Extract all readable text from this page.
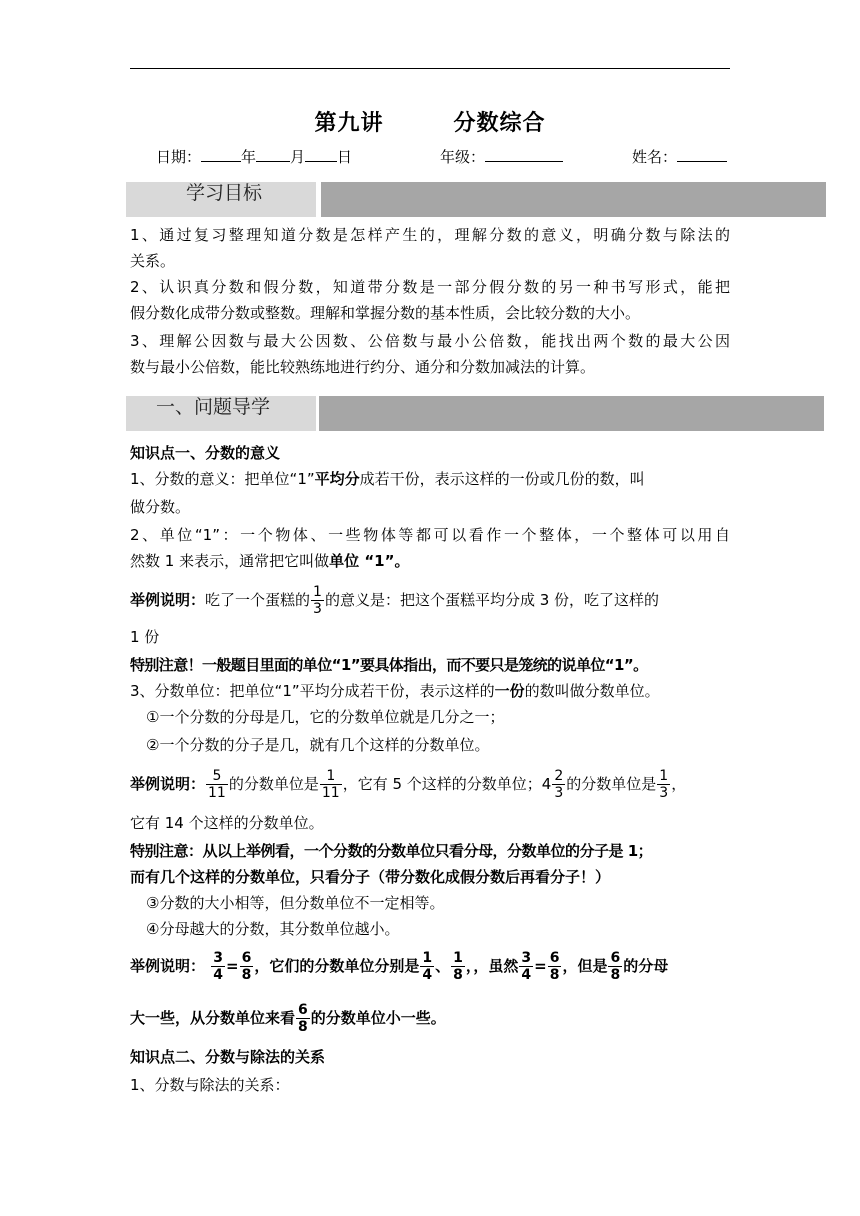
第九讲	分数综合
日期：	年 月 日	年级：	姓名：
学习目标
1、通过复习整理知道分数是怎样产生的，理解分数的意义，明确分数与除法的
关系。
2、认识真分数和假分数，知道带分数是一部分假分数的另一种书写形式，能把
假分数化成带分数或整数。理解和掌握分数的基本性质，会比较分数的大小。
3、理解公因数与最大公因数、公倍数与最小公倍数，能找出两个数的最大公因
数与最小公倍数，能比较熟练地进行约分、通分和分数加减法的计算。
一、问题导学
知识点一、分数的意义
1、分数的意义：把单位“1”平均分成若干份，表示这样的一份或几份的数，叫
做分数。
2、单位“1”：一个物体、一些物体等都可以看作一个整体，一个整体可以用自
然数 1 来表示，通常把它叫做单位 “1”。
举例说明：吃了一个蛋糕的 $\frac{1}{3}$ 的意义是：把这个蛋糕平均分成 3 份，吃了这样的
1 份
特别注意！一般题目里面的单位“1”要具体指出，而不要只是笼统的说单位“1”。
3、分数单位：把单位“1”平均分成若干份，表示这样的一份的数叫做分数单位。
①一个分数的分母是几，它的分数单位就是几分之一；
②一个分数的分子是几，就有几个这样的分数单位。
举例说明： $\frac{5}{11}$ 的分数单位是 $\frac{1}{11}$ ，它有 5 个这样的分数单位；$4 \frac{2}{3}$ 的分数单位是 $\frac{1}{3}$ ，
它有 14 个这样的分数单位。
特别注意：从以上举例看，一个分数的分数单位只看分母，分数单位的分子是 1；
而有几个这样的分数单位，只看分子（带分数化成假分数后再看分子！）
③分数的大小相等，但分数单位不一定相等。
④分母越大的分数，其分数单位越小。
举例说明： $\frac{3}{4} = \frac{6}{8}$ ，它们的分数单位分别是 $\frac{1}{4}$ 、 $\frac{1}{8}$ ，，虽然 $\frac{3}{4} = \frac{6}{8}$ ，但是 $\frac{6}{8}$ 的分母
大一些，从分数单位来看 $\frac{6}{8}$ 的分数单位小一些。
知识点二、分数与除法的关系
1、分数与除法的关系：
